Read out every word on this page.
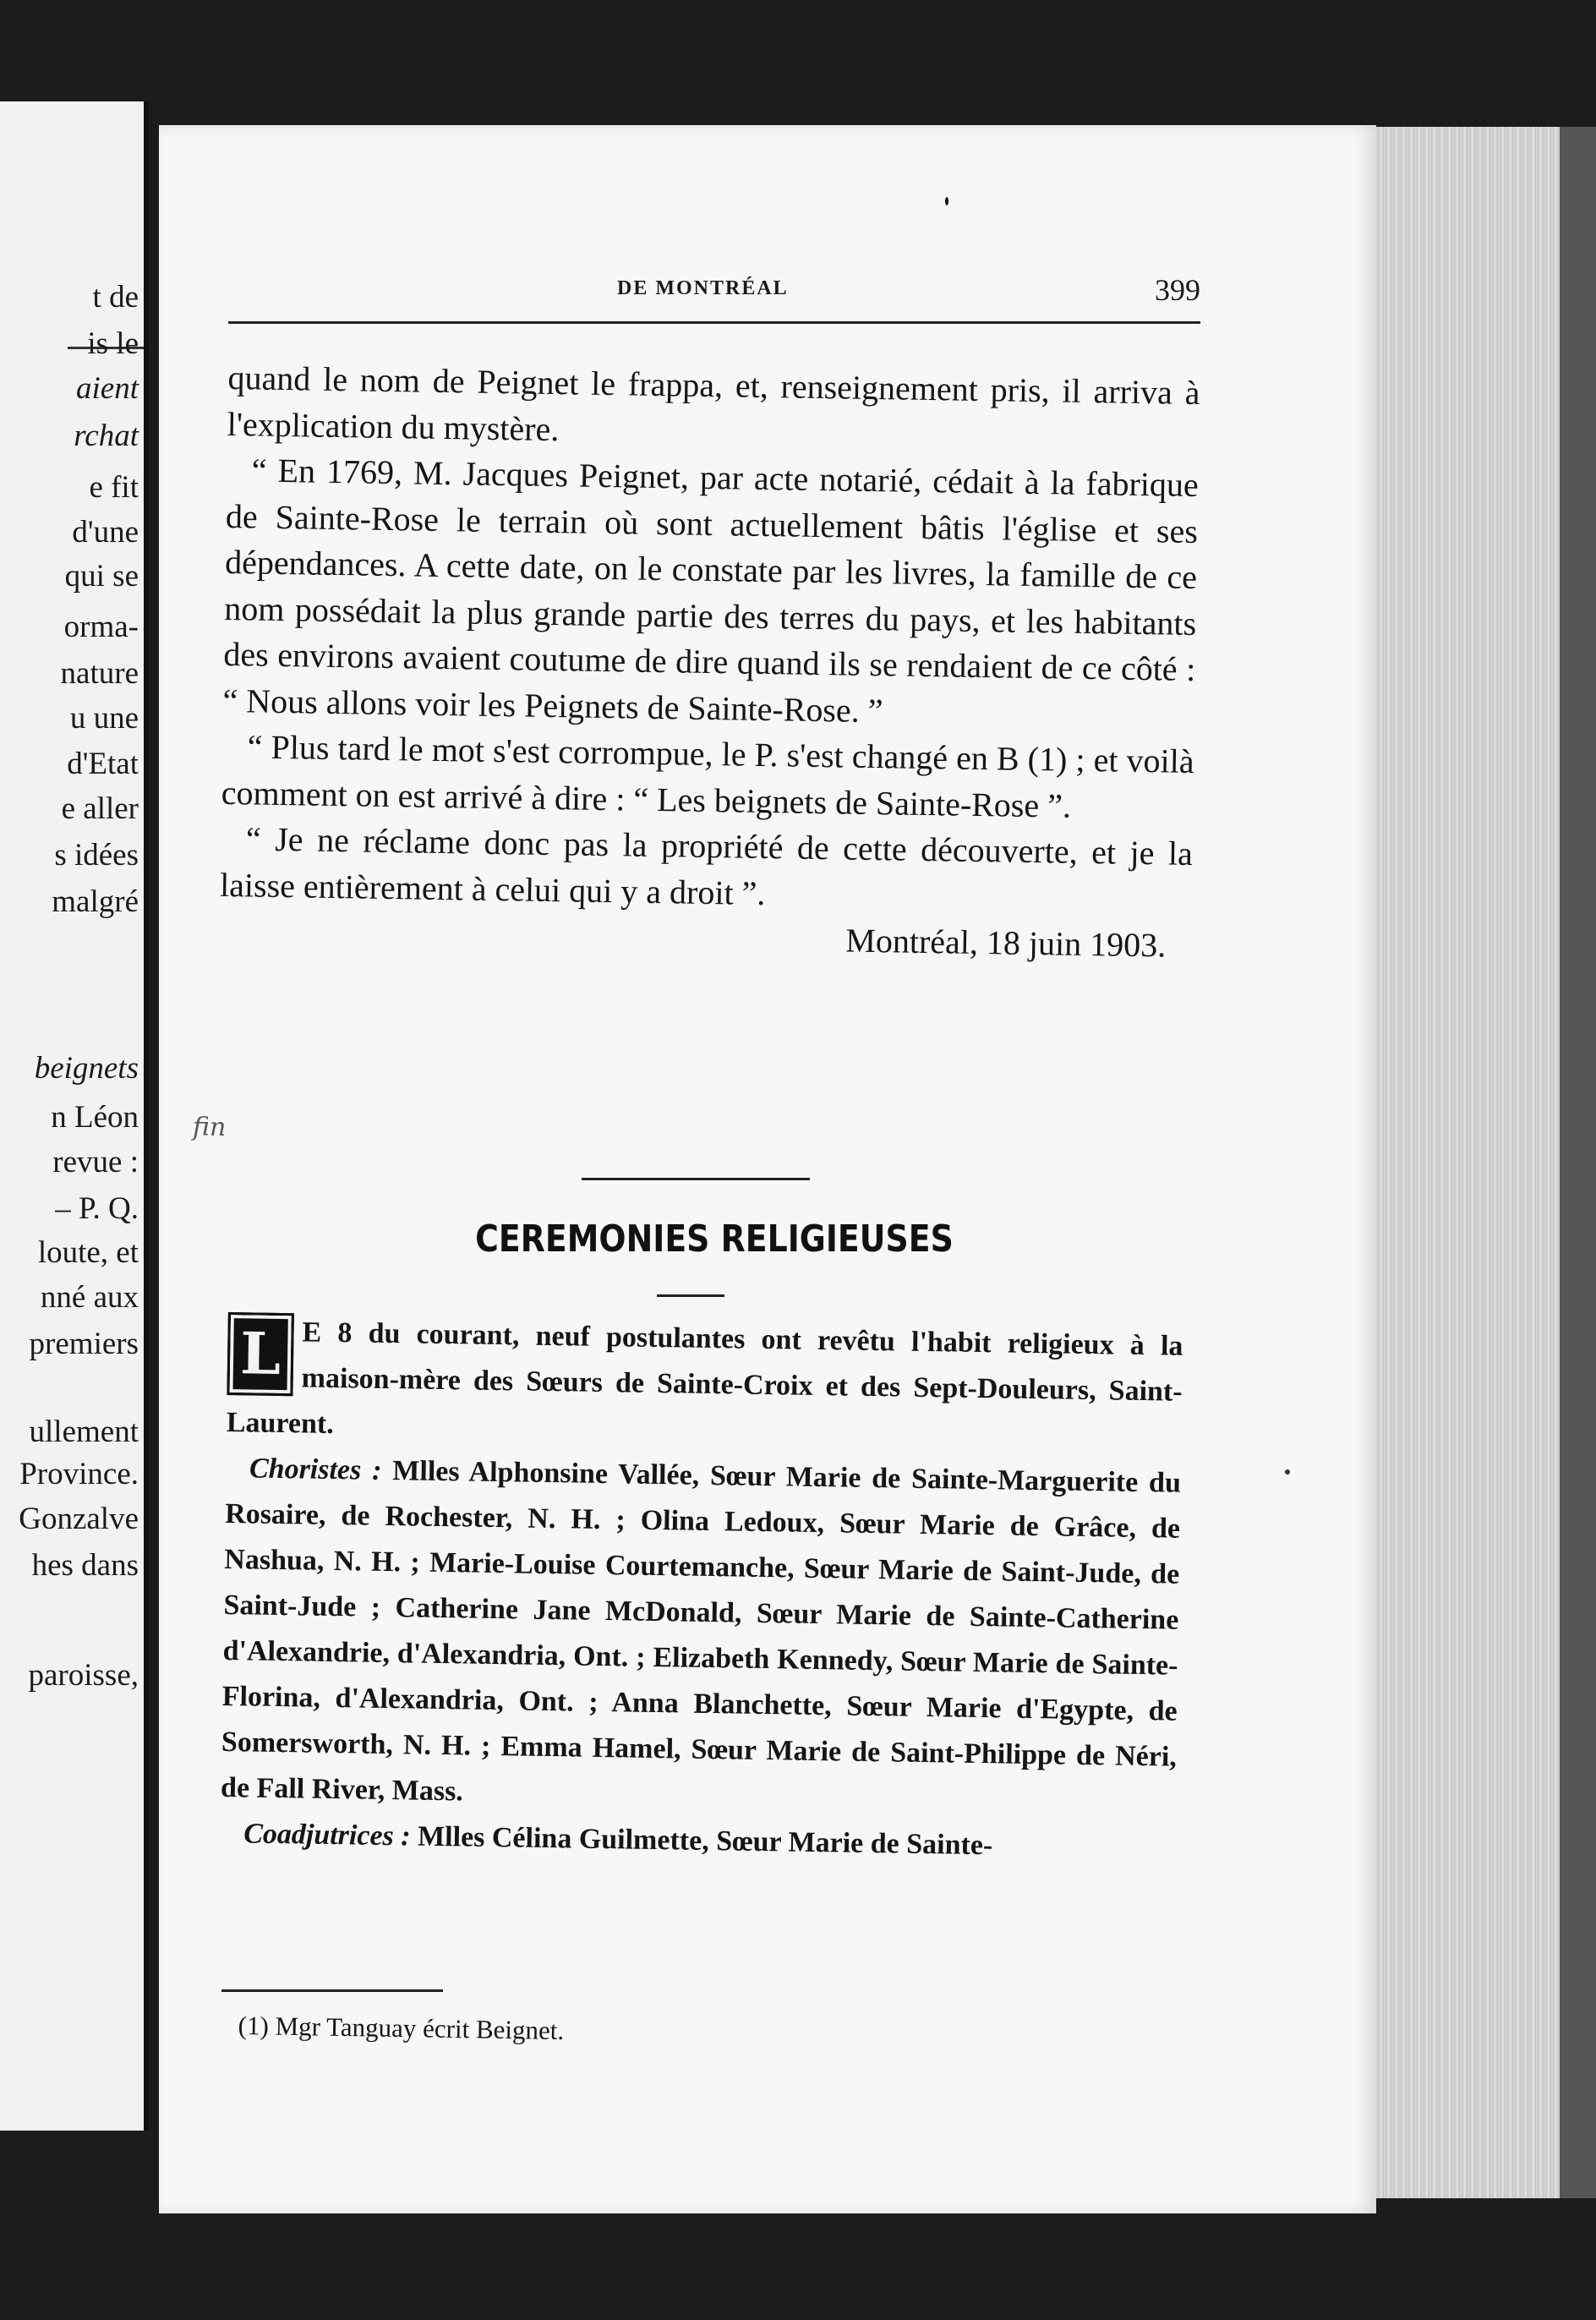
t de
is le
aient
rchat
e fit
d'une
qui se
orma-
nature
u une
d'Etat
e aller
s idées
malgré
beignets
n Léon
revue :
– P. Q.
loute, et
nné aux
premiers
ullement
Province.
Gonzalve
hes dans
paroisse,
DE MONTRÉAL	399

quand le nom de Peignet le frappa, et, renseignement pris, il arriva à l'explication du mystère.

“ En 1769, M. Jacques Peignet, par acte notarié, cédait à la fabrique de Sainte-Rose le terrain où sont actuellement bâtis l'église et ses dépendances. A cette date, on le constate par les livres, la famille de ce nom possédait la plus grande partie des terres du pays, et les habitants des environs avaient coutume de dire quand ils se rendaient de ce côté : “ Nous allons voir les Peignets de Sainte-Rose. ”

“ Plus tard le mot s'est corrompue, le P. s'est changé en B (1) ; et voilà comment on est arrivé à dire : “ Les beignets de Sainte-Rose ”.

“ Je ne réclame donc pas la propriété de cette découverte, et je la laisse entièrement à celui qui y a droit ”.

Montréal, 18 juin 1903.

fin
CEREMONIES RELIGIEUSES

L E 8 du courant, neuf postulantes ont revêtu l'habit religieux à la maison-mère des Sœurs de Sainte-Croix et des Sept-Douleurs, Saint-Laurent.

Choristes : Mlles Alphonsine Vallée, Sœur Marie de Sainte-Marguerite du Rosaire, de Rochester, N. H. ; Olina Ledoux, Sœur Marie de Grâce, de Nashua, N. H. ; Marie-Louise Courtemanche, Sœur Marie de Saint-Jude, de Saint-Jude ; Catherine Jane McDonald, Sœur Marie de Sainte-Catherine d'Alexandrie, d'Alexandria, Ont. ; Elizabeth Kennedy, Sœur Marie de Sainte-Florina, d'Alexandria, Ont. ; Anna Blanchette, Sœur Marie d'Egypte, de Somersworth, N. H. ; Emma Hamel, Sœur Marie de Saint-Philippe de Néri, de Fall River, Mass.

Coadjutrices : Mlles Célina Guilmette, Sœur Marie de Sainte-

(1) Mgr Tanguay écrit Beignet.
